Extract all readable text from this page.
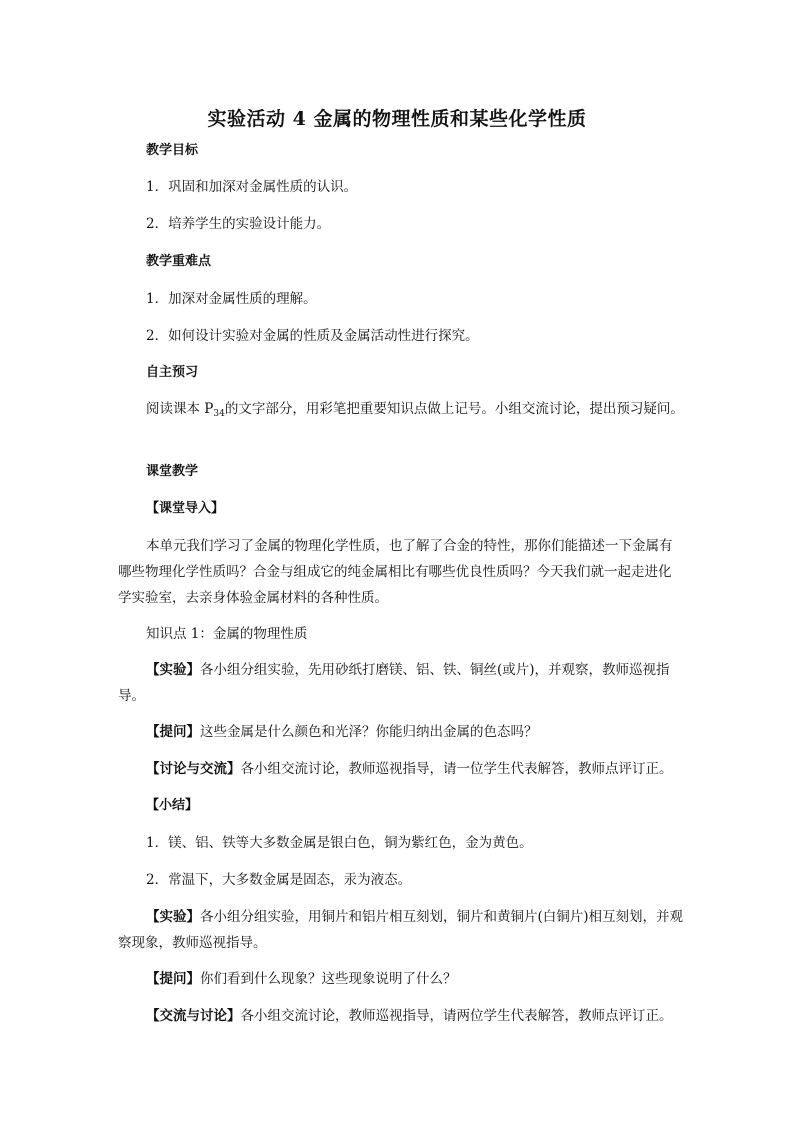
实验活动 4 金属的物理性质和某些化学性质
教学目标
1．巩固和加深对金属性质的认识。
2．培养学生的实验设计能力。
教学重难点
1．加深对金属性质的理解。
2．如何设计实验对金属的性质及金属活动性进行探究。
自主预习
阅读课本 $P_{34}$的文字部分，用彩笔把重要知识点做上记号。小组交流讨论，提出预习疑问。
课堂教学
【课堂导入】
本单元我们学习了金属的物理化学性质，也了解了合金的特性，那你们能描述一下金属有哪些物理化学性质吗？合金与组成它的纯金属相比有哪些优良性质吗？今天我们就一起走进化学实验室，去亲身体验金属材料的各种性质。
知识点 1：金属的物理性质
【实验】各小组分组实验，先用砂纸打磨镁、铝、铁、铜丝(或片)，并观察，教师巡视指导。
【提问】这些金属是什么颜色和光泽？你能归纳出金属的色态吗？
【讨论与交流】各小组交流讨论，教师巡视指导，请一位学生代表解答，教师点评订正。
【小结】
1．镁、铝、铁等大多数金属是银白色，铜为紫红色，金为黄色。
2．常温下，大多数金属是固态，汞为液态。
【实验】各小组分组实验，用铜片和铝片相互刻划，铜片和黄铜片(白铜片)相互刻划，并观察现象，教师巡视指导。
【提问】你们看到什么现象？这些现象说明了什么？
【交流与讨论】各小组交流讨论，教师巡视指导，请两位学生代表解答，教师点评订正。
